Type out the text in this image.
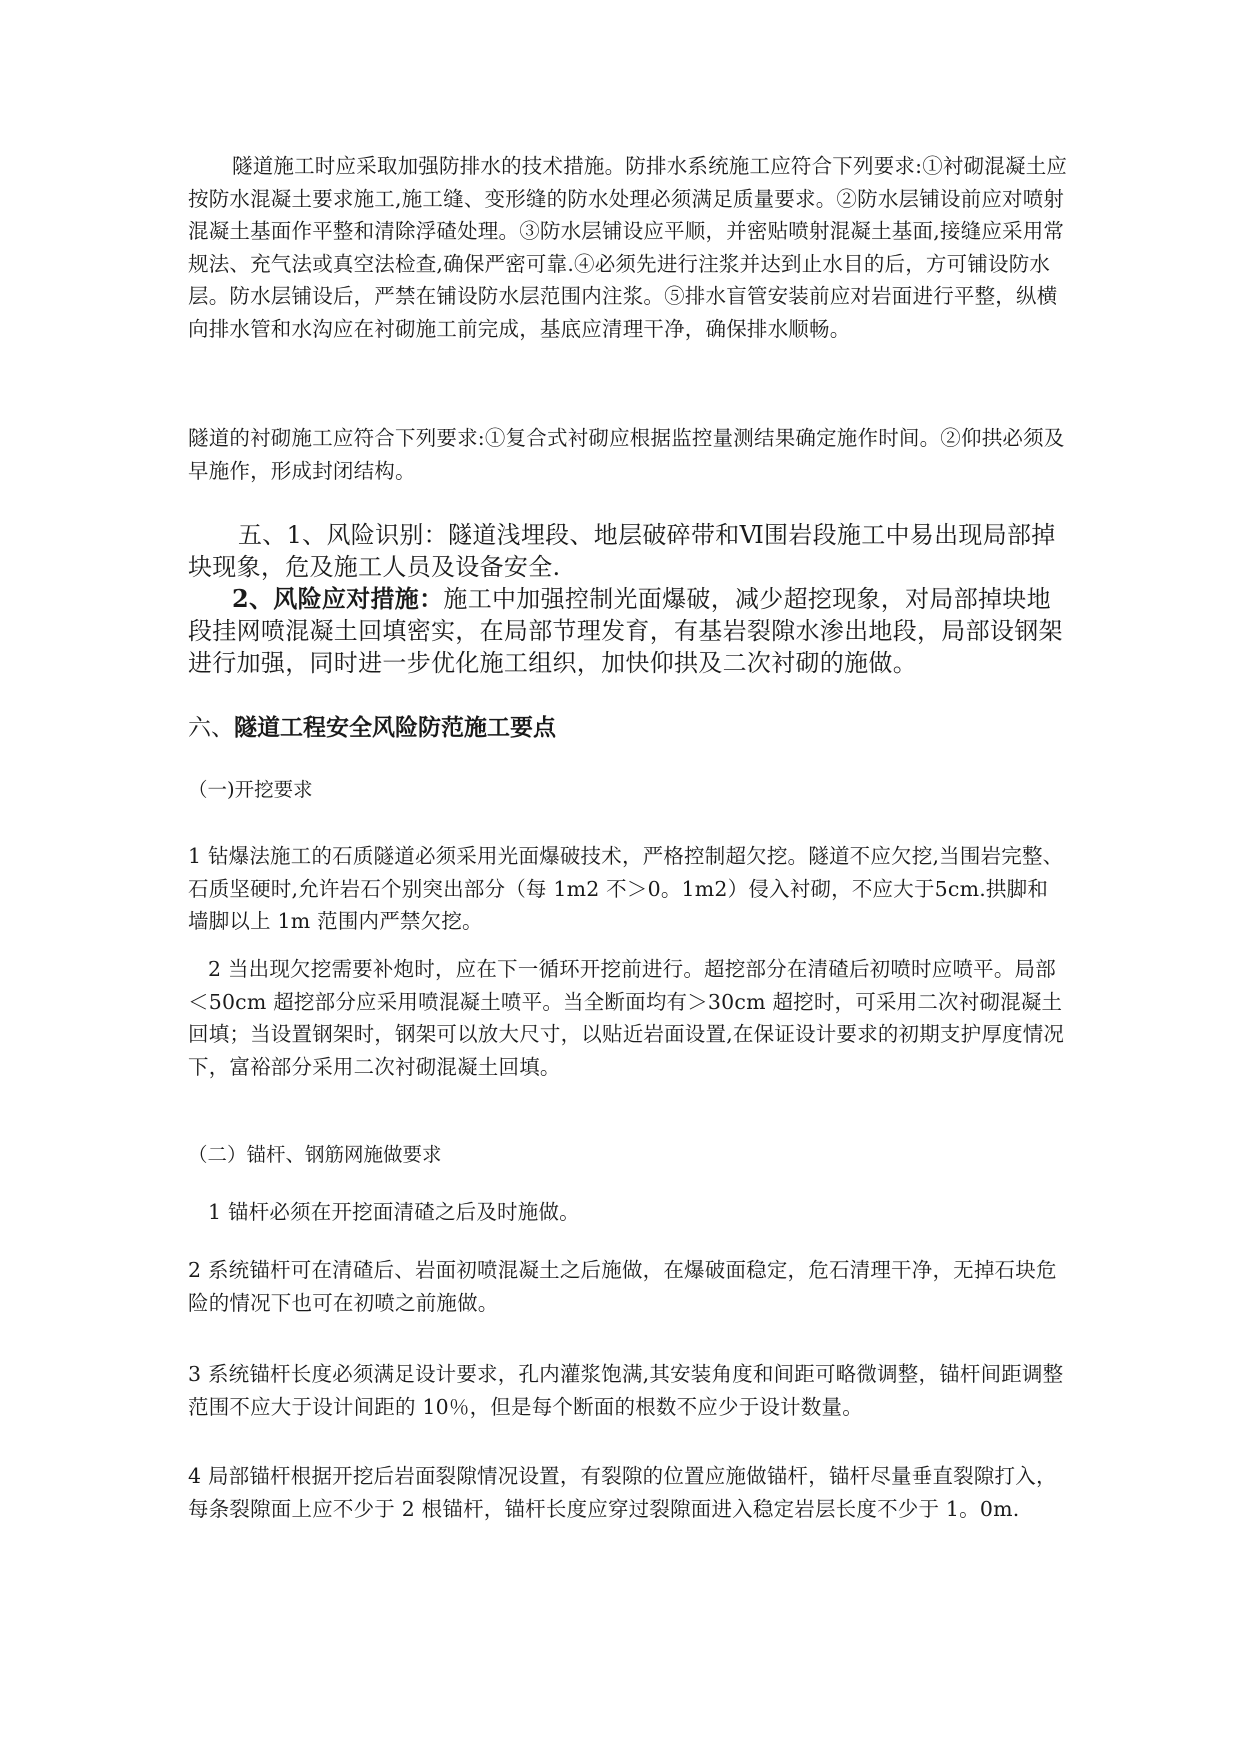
隧道施工时应采取加强防排水的技术措施。防排水系统施工应符合下列要求:①衬砌混凝土应按防水混凝土要求施工,施工缝、变形缝的防水处理必须满足质量要求。②防水层铺设前应对喷射混凝土基面作平整和清除浮碴处理。③防水层铺设应平顺，并密贴喷射混凝土基面,接缝应采用常规法、充气法或真空法检查,确保严密可靠.④必须先进行注浆并达到止水目的后，方可铺设防水层。防水层铺设后，严禁在铺设防水层范围内注浆。⑤排水盲管安装前应对岩面进行平整，纵横向排水管和水沟应在衬砌施工前完成，基底应清理干净，确保排水顺畅。

隧道的衬砌施工应符合下列要求:①复合式衬砌应根据监控量测结果确定施作时间。②仰拱必须及早施作，形成封闭结构。

五、1、风险识别：隧道浅埋段、地层破碎带和Ⅵ围岩段施工中易出现局部掉块现象，危及施工人员及设备安全.

2、风险应对措施：施工中加强控制光面爆破，减少超挖现象，对局部掉块地段挂网喷混凝土回填密实，在局部节理发育，有基岩裂隙水渗出地段，局部设钢架进行加强，同时进一步优化施工组织，加快仰拱及二次衬砌的施做。

六、隧道工程安全风险防范施工要点

（一)开挖要求

1 钻爆法施工的石质隧道必须采用光面爆破技术，严格控制超欠挖。隧道不应欠挖,当围岩完整、石质坚硬时,允许岩石个别突出部分（每 1m2 不＞0。1m2）侵入衬砌，不应大于5cm.拱脚和墙脚以上 1m 范围内严禁欠挖。

2 当出现欠挖需要补炮时，应在下一循环开挖前进行。超挖部分在清碴后初喷时应喷平。局部＜50cm 超挖部分应采用喷混凝土喷平。当全断面均有＞30cm 超挖时，可采用二次衬砌混凝土回填；当设置钢架时，钢架可以放大尺寸，以贴近岩面设置,在保证设计要求的初期支护厚度情况下，富裕部分采用二次衬砌混凝土回填。

（二）锚杆、钢筋网施做要求

1 锚杆必须在开挖面清碴之后及时施做。

2 系统锚杆可在清碴后、岩面初喷混凝土之后施做，在爆破面稳定，危石清理干净，无掉石块危险的情况下也可在初喷之前施做。

3 系统锚杆长度必须满足设计要求，孔内灌浆饱满,其安装角度和间距可略微调整，锚杆间距调整范围不应大于设计间距的 10％，但是每个断面的根数不应少于设计数量。

4 局部锚杆根据开挖后岩面裂隙情况设置，有裂隙的位置应施做锚杆，锚杆尽量垂直裂隙打入，每条裂隙面上应不少于 2 根锚杆，锚杆长度应穿过裂隙面进入稳定岩层长度不少于 1。0m.
